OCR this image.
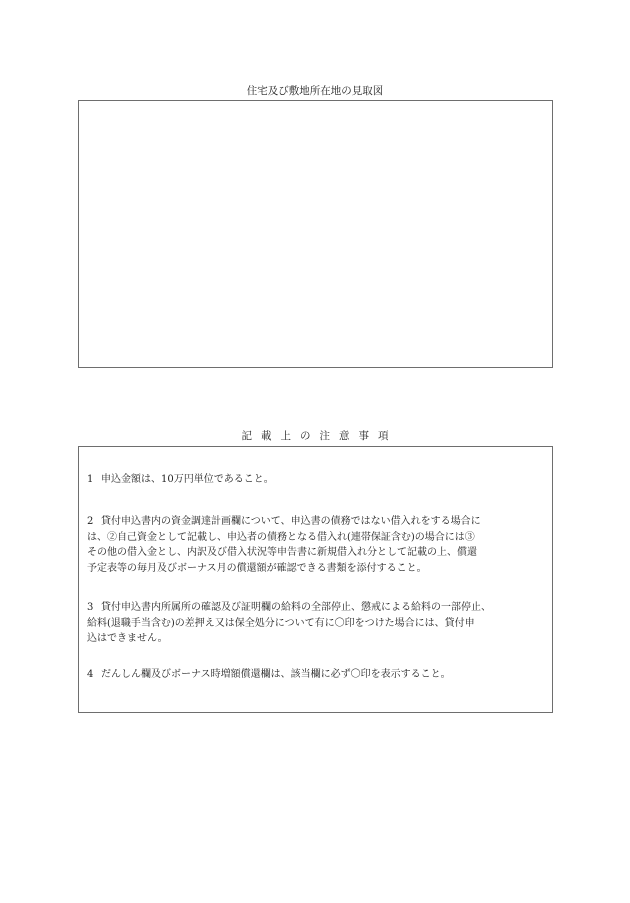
住宅及び敷地所在地の見取図
記載上の注意事項

1 申込金額は、10万円単位であること。

2 貸付申込書内の資金調達計画欄について、申込書の債務ではない借入れをする場合に

は、②自己資金として記載し、申込者の債務となる借入れ(連帯保証含む)の場合には③

その他の借入金とし、内訳及び借入状況等申告書に新規借入れ分として記載の上、償還

予定表等の毎月及びボーナス月の償還額が確認できる書類を添付すること。

3 貸付申込書内所属所の確認及び証明欄の給料の全部停止、懲戒による給料の一部停止、

給料(退職手当含む)の差押え又は保全処分について有に〇印をつけた場合には、貸付申

込はできません。

4 だんしん欄及びボーナス時増額償還欄は、該当欄に必ず〇印を表示すること。
